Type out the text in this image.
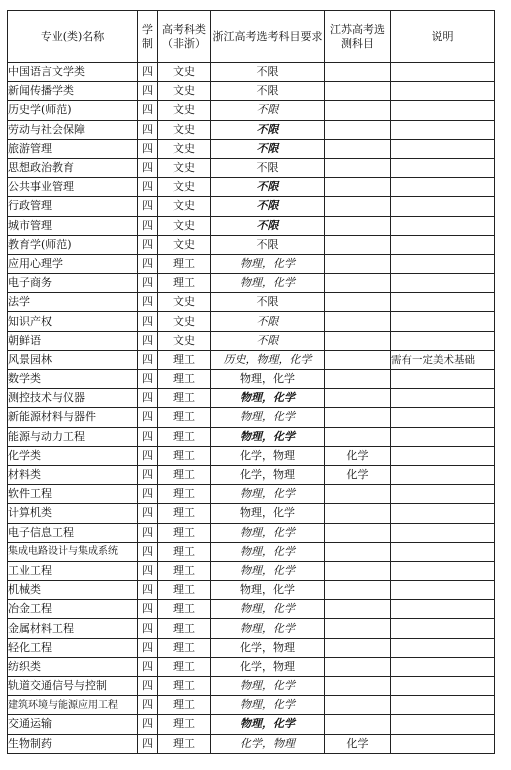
专业(类)名称	学制	高考科类（非浙）	浙江高考选考科目要求	江苏高考选测科目	说明
中国语言文学类	四	文史	不限		
新闻传播学类	四	文史	不限		
历史学(师范)	四	文史	不限		
劳动与社会保障	四	文史	不限		
旅游管理	四	文史	不限		
思想政治教育	四	文史	不限		
公共事业管理	四	文史	不限		
行政管理	四	文史	不限		
城市管理	四	文史	不限		
教育学(师范)	四	文史	不限		
应用心理学	四	理工	物理，化学		
电子商务	四	理工	物理，化学		
法学	四	文史	不限		
知识产权	四	文史	不限		
朝鲜语	四	文史	不限		
风景园林	四	理工	历史，物理，化学		需有一定美术基础
数学类	四	理工	物理，化学		
测控技术与仪器	四	理工	物理，化学		
新能源材料与器件	四	理工	物理，化学		
能源与动力工程	四	理工	物理，化学		
化学类	四	理工	化学，物理	化学	
材料类	四	理工	化学，物理	化学	
软件工程	四	理工	物理，化学		
计算机类	四	理工	物理，化学		
电子信息工程	四	理工	物理，化学		
集成电路设计与集成系统	四	理工	物理，化学		
工业工程	四	理工	物理，化学		
机械类	四	理工	物理，化学		
冶金工程	四	理工	物理，化学		
金属材料工程	四	理工	物理，化学		
轻化工程	四	理工	化学，物理		
纺织类	四	理工	化学，物理		
轨道交通信号与控制	四	理工	物理，化学		
建筑环境与能源应用工程	四	理工	物理，化学		
交通运输	四	理工	物理，化学		
生物制药	四	理工	化学，物理	化学	
